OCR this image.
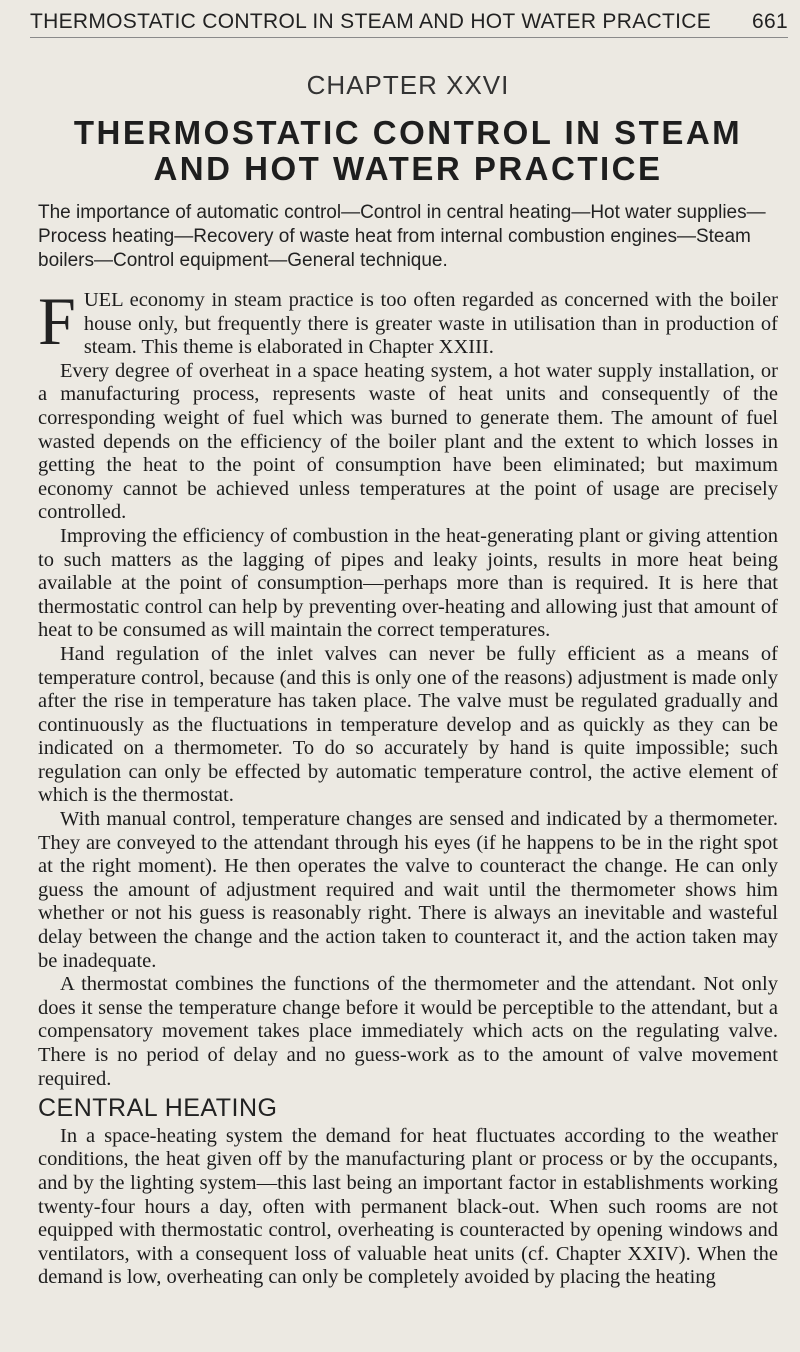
THERMOSTATIC CONTROL IN STEAM AND HOT WATER PRACTICE 661
CHAPTER XXVI
THERMOSTATIC CONTROL IN STEAM AND HOT WATER PRACTICE
The importance of automatic control—Control in central heating—Hot water supplies—Process heating—Recovery of waste heat from internal combustion engines—Steam boilers—Control equipment—General technique.

FUEL economy in steam practice is too often regarded as concerned with the boiler house only, but frequently there is greater waste in utilisation than in production of steam. This theme is elaborated in Chapter XXIII.

Every degree of overheat in a space heating system, a hot water supply installation, or a manufacturing process, represents waste of heat units and consequently of the corresponding weight of fuel which was burned to generate them. The amount of fuel wasted depends on the efficiency of the boiler plant and the extent to which losses in getting the heat to the point of consumption have been eliminated; but maximum economy cannot be achieved unless temperatures at the point of usage are precisely controlled.

Improving the efficiency of combustion in the heat-generating plant or giving attention to such matters as the lagging of pipes and leaky joints, results in more heat being available at the point of consumption—perhaps more than is required. It is here that thermostatic control can help by preventing over-heating and allowing just that amount of heat to be consumed as will maintain the correct temperatures.

Hand regulation of the inlet valves can never be fully efficient as a means of temperature control, because (and this is only one of the reasons) adjustment is made only after the rise in temperature has taken place. The valve must be regulated gradually and continuously as the fluctuations in temperature develop and as quickly as they can be indicated on a thermometer. To do so accurately by hand is quite impossible; such regulation can only be effected by automatic temperature control, the active element of which is the thermostat.

With manual control, temperature changes are sensed and indicated by a thermometer. They are conveyed to the attendant through his eyes (if he happens to be in the right spot at the right moment). He then operates the valve to counteract the change. He can only guess the amount of adjustment required and wait until the thermometer shows him whether or not his guess is reasonably right. There is always an inevitable and wasteful delay between the change and the action taken to counteract it, and the action taken may be inadequate.

A thermostat combines the functions of the thermometer and the attendant. Not only does it sense the temperature change before it would be perceptible to the attendant, but a compensatory movement takes place immediately which acts on the regulating valve. There is no period of delay and no guess-work as to the amount of valve movement required.

CENTRAL HEATING

In a space-heating system the demand for heat fluctuates according to the weather conditions, the heat given off by the manufacturing plant or process or by the occupants, and by the lighting system—this last being an important factor in establishments working twenty-four hours a day, often with permanent black-out. When such rooms are not equipped with thermostatic control, overheating is counteracted by opening windows and ventilators, with a consequent loss of valuable heat units (cf. Chapter XXIV). When the demand is low, overheating can only be completely avoided by placing the heating
